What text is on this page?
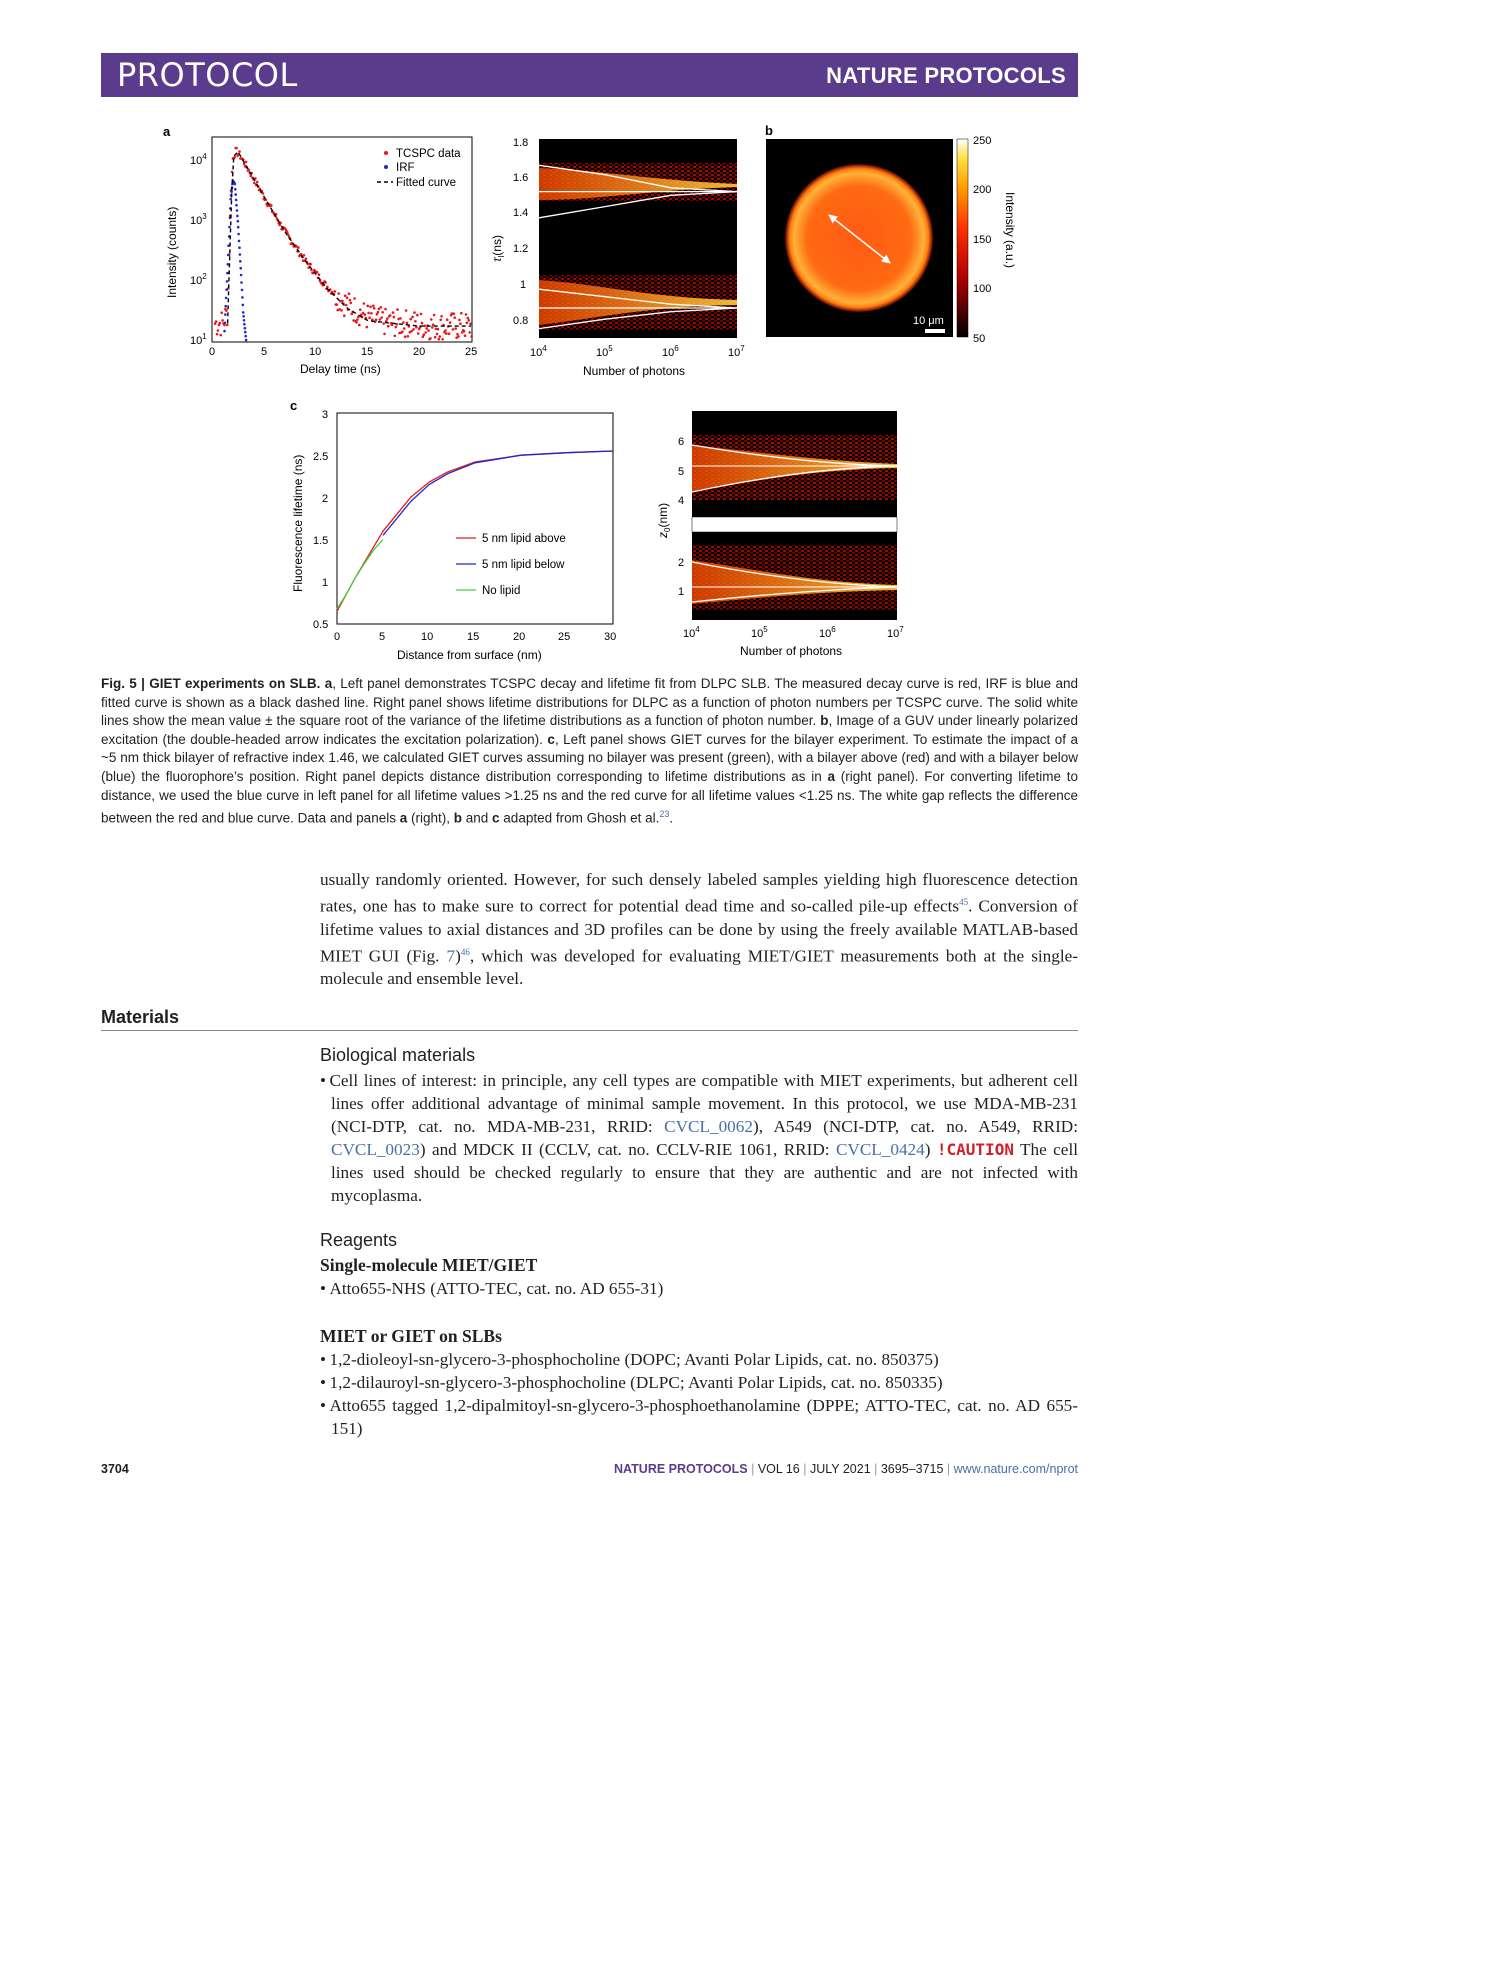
PROTOCOL	NATURE PROTOCOLS
a	b
c
Intensity (counts)
Delay time (ns)
$10^1$
$10^2$
$10^3$
$10^4$
0	5	10	15	20	25
TCSPC data
IRF
Fitted curve
$\tau_l(ns)$
Number of photons
1.8
1.6
1.4
1.2
1
0.8
$10^4$	$10^5$	$10^6$	$10^7$
10 μm
250
200
150
100
50
Intensity (a.u.)
Fluorescence lifetime (ns)
Distance from surface (nm)
3
2.5
2
1.5
1
0.5
0	5	10	15	20	25	30
5 nm lipid above
5 nm lipid below
No lipid
$z_0(nm)$
Number of photons
6
5
4
2
1
$10^4$	$10^5$	$10^6$	$10^7$
Fig. 5 | GIET experiments on SLB. a, Left panel demonstrates TCSPC decay and lifetime fit from DLPC SLB. The measured decay curve is red, IRF is blue and fitted curve is shown as a black dashed line. Right panel shows lifetime distributions for DLPC as a function of photon numbers per TCSPC curve. The solid white lines show the mean value ± the square root of the variance of the lifetime distributions as a function of photon number. b, Image of a GUV under linearly polarized excitation (the double-headed arrow indicates the excitation polarization). c, Left panel shows GIET curves for the bilayer experiment. To estimate the impact of a ~5 nm thick bilayer of refractive index 1.46, we calculated GIET curves assuming no bilayer was present (green), with a bilayer above (red) and with a bilayer below (blue) the fluorophore’s position. Right panel depicts distance distribution corresponding to lifetime distributions as in a (right panel). For converting lifetime to distance, we used the blue curve in left panel for all lifetime values >1.25 ns and the red curve for all lifetime values <1.25 ns. The white gap reflects the difference between the red and blue curve. Data and panels a (right), b and c adapted from Ghosh et al.$^{23}$.
usually randomly oriented. However, for such densely labeled samples yielding high fluorescence detection rates, one has to make sure to correct for potential dead time and so-called pile-up effects$^{45}$. Conversion of lifetime values to axial distances and 3D profiles can be done by using the freely available MATLAB-based MIET GUI (Fig. 7)$^{46}$, which was developed for evaluating MIET/GIET measurements both at the single-molecule and ensemble level.
Materials
Biological materials
• Cell lines of interest: in principle, any cell types are compatible with MIET experiments, but adherent cell lines offer additional advantage of minimal sample movement. In this protocol, we use MDA-MB-231 (NCI-DTP, cat. no. MDA-MB-231, RRID: CVCL_0062), A549 (NCI-DTP, cat. no. A549, RRID: CVCL_0023) and MDCK II (CCLV, cat. no. CCLV-RIE 1061, RRID: CVCL_0424) !CAUTION The cell lines used should be checked regularly to ensure that they are authentic and are not infected with mycoplasma.
Reagents
Single-molecule MIET/GIET
• Atto655-NHS (ATTO-TEC, cat. no. AD 655-31)
MIET or GIET on SLBs
• 1,2-dioleoyl-sn-glycero-3-phosphocholine (DOPC; Avanti Polar Lipids, cat. no. 850375)
• 1,2-dilauroyl-sn-glycero-3-phosphocholine (DLPC; Avanti Polar Lipids, cat. no. 850335)
• Atto655 tagged 1,2-dipalmitoyl-sn-glycero-3-phosphoethanolamine (DPPE; ATTO-TEC, cat. no. AD 655-151)
3704	NATURE PROTOCOLS | VOL 16 | JULY 2021 | 3695–3715 | www.nature.com/nprot
